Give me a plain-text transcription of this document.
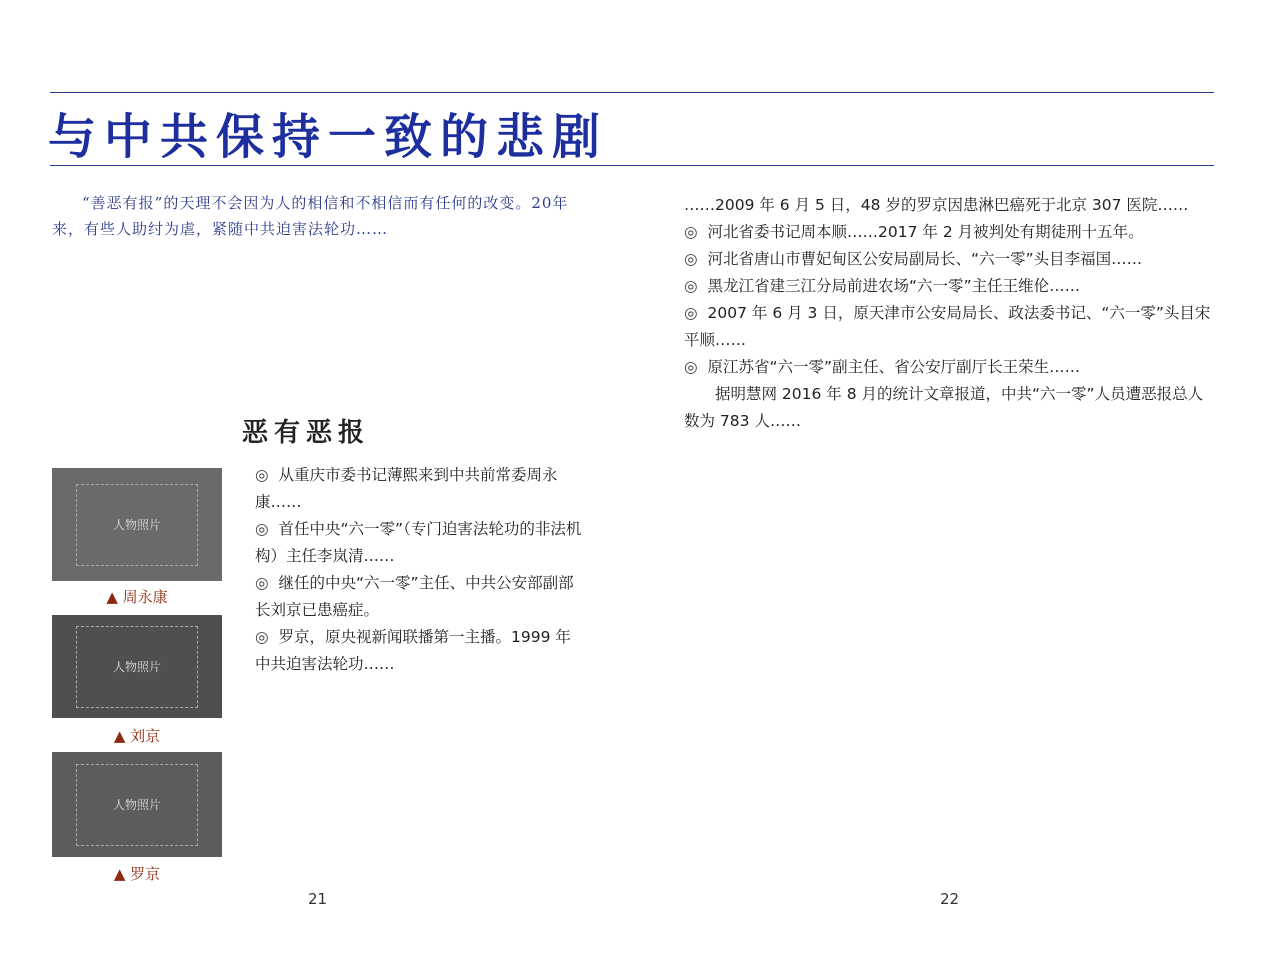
与中共保持一致的悲剧

“善恶有报”的天理不会因为人的相信和不相信而有任何的改变。20年来，有些人助纣为虐，紧随中共迫害法轮功……

恶有恶报
人物照片
▲ 周永康
人物照片
▲ 刘京
人物照片
▲ 罗京

◎ 从重庆市委书记薄熙来到中共前常委周永康……

◎ 首任中央“六一零”（专门迫害法轮功的非法机构）主任李岚清……

◎ 继任的中央“六一零”主任、中共公安部副部长刘京已患癌症。

◎ 罗京，原央视新闻联播第一主播。1999 年中共迫害法轮功……

……2009 年 6 月 5 日，48 岁的罗京因患淋巴癌死于北京 307 医院……

◎ 河北省委书记周本顺……2017 年 2 月被判处有期徒刑十五年。

◎ 河北省唐山市曹妃甸区公安局副局长、“六一零”头目李福国……

◎ 黑龙江省建三江分局前进农场“六一零”主任王维伦……

◎ 2007 年 6 月 3 日，原天津市公安局局长、政法委书记、“六一零”头目宋平顺……

◎ 原江苏省“六一零”副主任、省公安厅副厅长王荣生……

据明慧网 2016 年 8 月的统计文章报道，中共“六一零”人员遭恶报总人数为 783 人……

21	22
